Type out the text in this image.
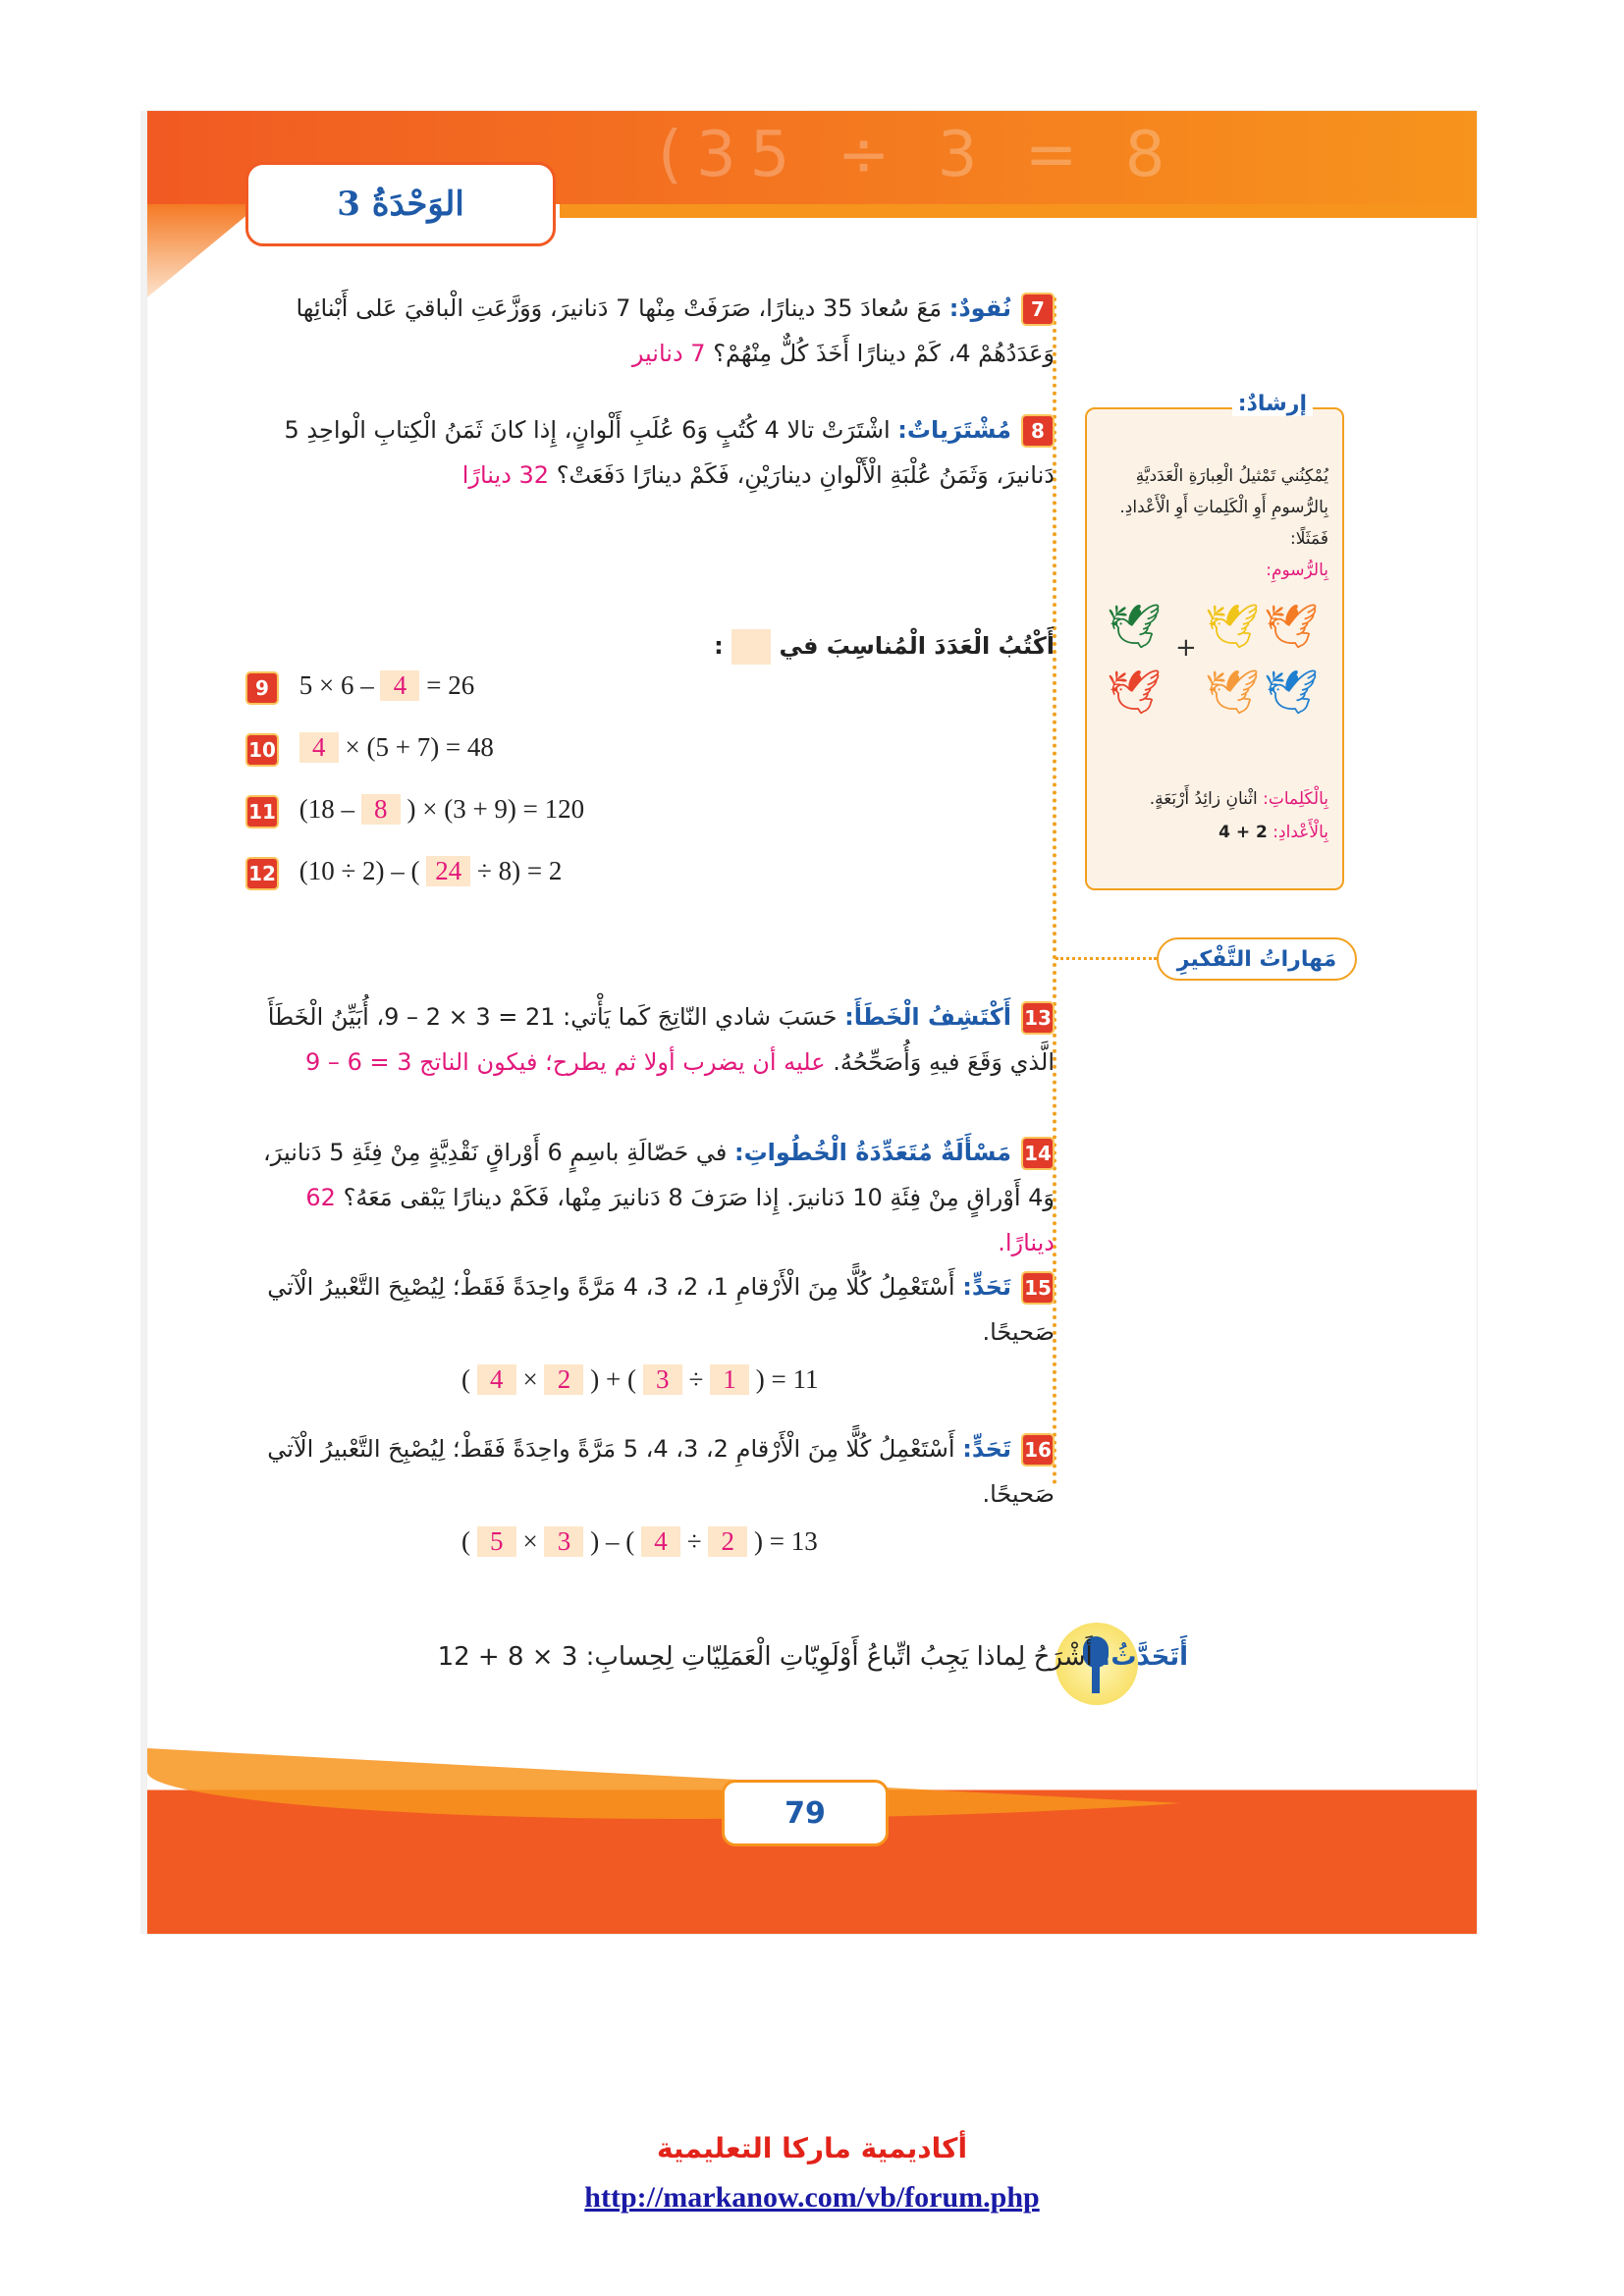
(35 ÷ 3 = 8
الوَحْدَةُ 3
7نُقودٌ: مَعَ سُعادَ 35 دينارًا، صَرَفَتْ مِنْها 7 دَنانيرَ، وَوَزَّعَتِ الْباقيَ عَلى أَبْنائِها وَعَدَدُهُمْ 4، كَمْ دينارًا أَخَذَ كُلٌّ مِنْهُمْ؟ 7 دنانير
8مُشْتَرَياتٌ: اشْتَرَتْ تالا 4 كُتُبٍ وَ6 عُلَبِ أَلْوانٍ، إِذا كانَ ثَمَنُ الْكِتابِ الْواحِدِ 5 دَنانيرَ، وَثَمَنُ عُلْبَةِ الْأَلْوانِ دينارَيْنِ، فَكَمْ دينارًا دَفَعَتْ؟ 32 دينارًا
أَكْتُبُ الْعَدَدَ الْمُناسِبَ في  :
9 5 × 6 – 4 = 26
10 4 × (5 + 7) = 48
11 (18 – 8 ) × (3 + 9) = 120
12 (10 ÷ 2) – ( 24 ÷ 8) = 2
إرشادٌ:
يُمْكِنُني تَمْثيلُ الْعِبارَةِ الْعَدَديَّةِ بِالرُّسومِ أَوِ الْكَلِماتِ أَوِ الْأَعْدادِ.
فَمَثَلًا:
بِالرُّسومِ:
🕊
🕊
+ 🕊 🕊
🕊 🕊
بِالْكَلِماتِ: اثْنانِ زائِدُ أَرْبَعَةٍ.
بِالْأَعْدادِ: 2 + 4
مَهاراتُ التَّفْكيرِ
13أَكْتَشِفُ الْخَطَأَ: حَسَبَ شادي النّاتِجَ كَما يَأْتي: 21 = 3 × 2 – 9، أُبَيِّنُ الْخَطَأَ الَّذي وَقَعَ فيهِ وَأُصَحِّحُهُ. عليه أن يضرب أولا ثم يطرح؛ فيكون الناتج 3 = 6 – 9
14مَسْأَلَةٌ مُتَعَدِّدَةُ الْخُطُواتِ: في حَصّالَةِ باسِمٍ 6 أَوْراقٍ نَقْدِيَّةٍ مِنْ فِئَةِ 5 دَنانيرَ، وَ4 أَوْراقٍ مِنْ فِئَةِ 10 دَنانيرَ. إِذا صَرَفَ 8 دَنانيرَ مِنْها، فَكَمْ دينارًا يَبْقى مَعَهُ؟ 62 دينارًا.
15تَحَدٍّ: أَسْتَعْمِلُ كُلًّا مِنَ الْأَرْقامِ 1، 2، 3، 4 مَرَّةً واحِدَةً فَقَطْ؛ لِيُصْبِحَ التَّعْبيرُ الْآتي صَحيحًا.
( 4 × 2 ) + ( 3 ÷ 1 ) = 11
16تَحَدٍّ: أَسْتَعْمِلُ كُلًّا مِنَ الْأَرْقامِ 2، 3، 4، 5 مَرَّةً واحِدَةً فَقَطْ؛ لِيُصْبِحَ التَّعْبيرُ الْآتي صَحيحًا.
( 5 × 3 ) – ( 4 ÷ 2 ) = 13
أَتَحَدَّثُ: أَشْرَحُ لِماذا يَجِبُ اتِّباعُ أَوْلَوِيّاتِ الْعَمَلِيّاتِ لِحِسابِ: 3 × 8 + 12
79
أكاديمية ماركا التعليمية
http://markanow.com/vb/forum.php
